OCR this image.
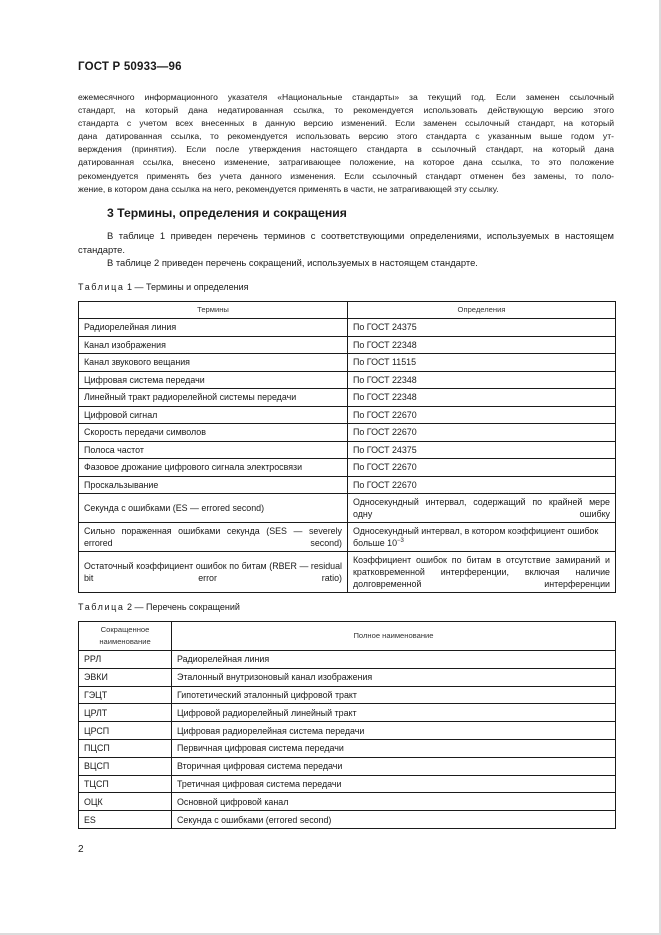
ГОСТ Р 50933—96
ежемесячного информационного указателя «Национальные стандарты» за текущий год. Если заменен ссылочный
стандарт, на который дана недатированная ссылка, то рекомендуется использовать действующую версию этого
стандарта с учетом всех внесенных в данную версию изменений. Если заменен ссылочный стандарт, на который
дана датированная ссылка, то рекомендуется использовать версию этого стандарта с указанным выше годом ут-
верждения (принятия). Если после утверждения настоящего стандарта в ссылочный стандарт, на который дана
датированная ссылка, внесено изменение, затрагивающее положение, на которое дана ссылка, то это положение
рекомендуется применять без учета данного изменения. Если ссылочный стандарт отменен без замены, то поло-
жение, в котором дана ссылка на него, рекомендуется применять в части, не затрагивающей эту ссылку.
3 Термины, определения и сокращения
В таблице 1 приведен перечень терминов с соответствующими определениями, используемых в настоящем стандарте.
В таблице 2 приведен перечень сокращений, используемых в настоящем стандарте.
Таблица 1 — Термины и определения
Термины	Определения
Радиорелейная линия	По ГОСТ 24375
Канал изображения	По ГОСТ 22348
Канал звукового вещания	По ГОСТ 11515
Цифровая система передачи	По ГОСТ 22348
Линейный тракт радиорелейной системы передачи	По ГОСТ 22348
Цифровой сигнал	По ГОСТ 22670
Скорость передачи символов	По ГОСТ 22670
Полоса частот	По ГОСТ 24375
Фазовое дрожание цифрового сигнала электросвязи	По ГОСТ 22670
Проскальзывание	По ГОСТ 22670
Секунда с ошибками (ES — errored second)	Односекундный интервал, содержащий по крайней мере одну ошибку
Сильно пораженная ошибками секунда (SES — severely errored second)	Односекундный интервал, в котором коэффициент ошибок больше $10^{-3}$
Остаточный коэффициент ошибок по битам (RBER — residual bit error ratio)	Коэффициент ошибок по битам в отсутствие замираний и кратковременной интерференции, включая наличие долговременной интерференции
Таблица 2 — Перечень сокращений
Сокращенное наименование	Полное наименование
РРЛ	Радиорелейная линия
ЭВКИ	Эталонный внутризоновый канал изображения
ГЭЦТ	Гипотетический эталонный цифровой тракт
ЦРЛТ	Цифровой радиорелейный линейный тракт
ЦРСП	Цифровая радиорелейная система передачи
ПЦСП	Первичная цифровая система передачи
ВЦСП	Вторичная цифровая система передачи
ТЦСП	Третичная цифровая система передачи
ОЦК	Основной цифровой канал
ES	Секунда с ошибками (errored second)
2
